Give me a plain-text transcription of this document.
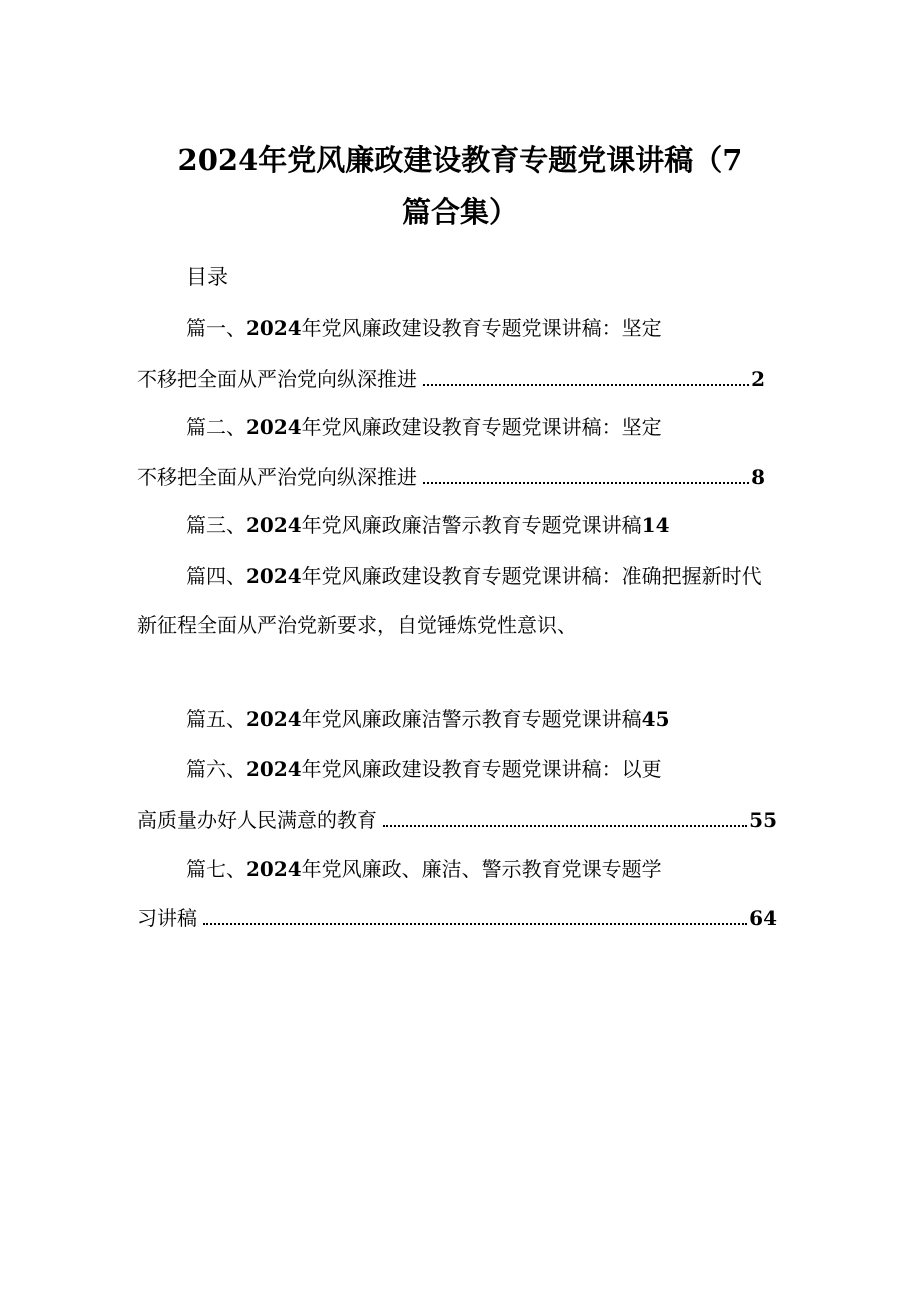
2024年党风廉政建设教育专题党课讲稿（7
篇合集）
目录
篇一、2024年党风廉政建设教育专题党课讲稿：坚定
不移把全面从严治党向纵深推进	2
篇二、2024年党风廉政建设教育专题党课讲稿：坚定
不移把全面从严治党向纵深推进	8
篇三、2024年党风廉政廉洁警示教育专题党课讲稿14
篇四、2024年党风廉政建设教育专题党课讲稿：准确把握新时代
新征程全面从严治党新要求，自觉锤炼党性意识、
篇五、2024年党风廉政廉洁警示教育专题党课讲稿45
篇六、2024年党风廉政建设教育专题党课讲稿：以更
高质量办好人民满意的教育	55
篇七、2024年党风廉政、廉洁、警示教育党课专题学
习讲稿	64
